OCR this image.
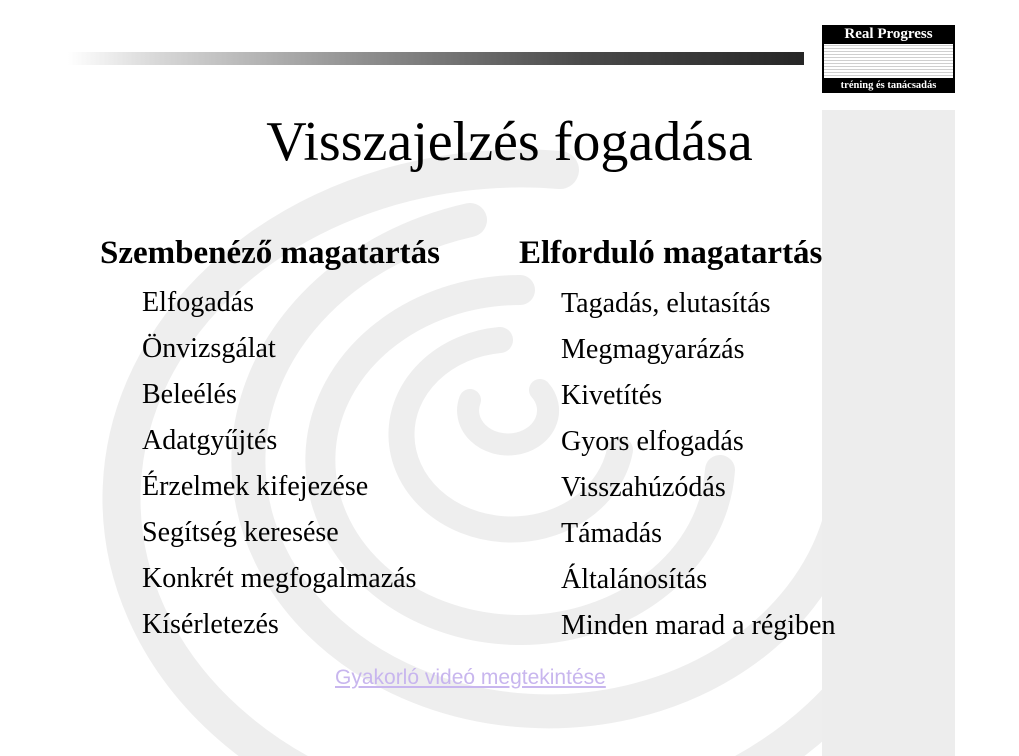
Real Progress
tréning és tanácsadás
Visszajelzés fogadása
Szembenéző magatartás Elforduló magatartás
Elfogadás
Önvizsgálat
Beleélés
Adatgyűjtés
Érzelmek kifejezése
Segítség keresése
Konkrét megfogalmazás
Kísérletezés
Tagadás, elutasítás
Megmagyarázás
Kivetítés
Gyors elfogadás
Visszahúzódás
Támadás
Általánosítás
Minden marad a régiben
Gyakorló videó megtekintése
